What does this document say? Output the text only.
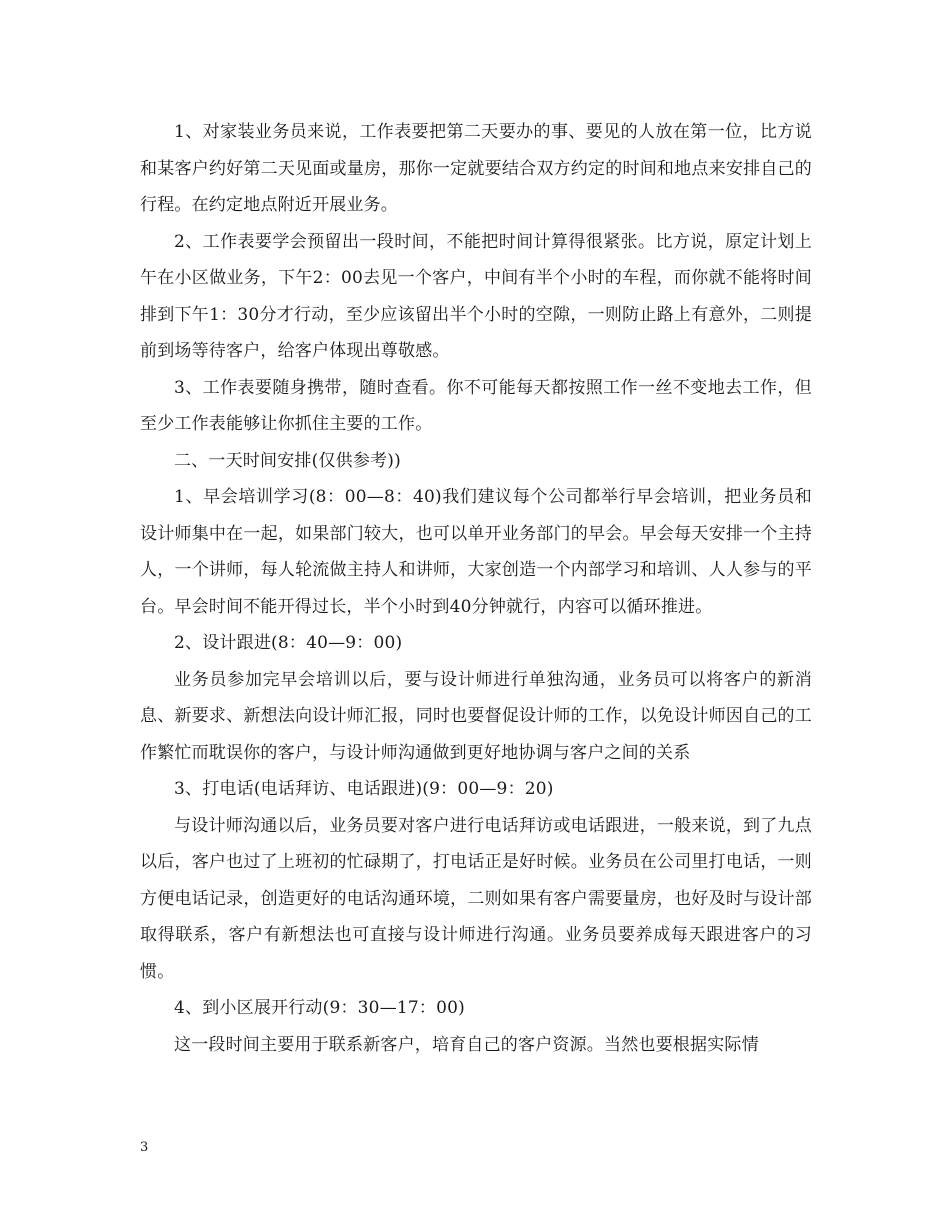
1、对家装业务员来说，工作表要把第二天要办的事、要见的人放在第一位，比方说和某客户约好第二天见面或量房，那你一定就要结合双方约定的时间和地点来安排自己的行程。在约定地点附近开展业务。

2、工作表要学会预留出一段时间，不能把时间计算得很紧张。比方说，原定计划上午在小区做业务，下午2：00去见一个客户，中间有半个小时的车程，而你就不能将时间排到下午1：30分才行动，至少应该留出半个小时的空隙，一则防止路上有意外，二则提前到场等待客户，给客户体现出尊敬感。

3、工作表要随身携带，随时查看。你不可能每天都按照工作一丝不变地去工作，但至少工作表能够让你抓住主要的工作。

二、一天时间安排(仅供参考))

1、早会培训学习(8：00—8：40)我们建议每个公司都举行早会培训，把业务员和设计师集中在一起，如果部门较大，也可以单开业务部门的早会。早会每天安排一个主持人，一个讲师，每人轮流做主持人和讲师，大家创造一个内部学习和培训、人人参与的平台。早会时间不能开得过长，半个小时到40分钟就行，内容可以循环推进。

2、设计跟进(8：40—9：00)

业务员参加完早会培训以后，要与设计师进行单独沟通，业务员可以将客户的新消息、新要求、新想法向设计师汇报，同时也要督促设计师的工作，以免设计师因自己的工作繁忙而耽误你的客户，与设计师沟通做到更好地协调与客户之间的关系

3、打电话(电话拜访、电话跟进)(9：00—9：20)

与设计师沟通以后，业务员要对客户进行电话拜访或电话跟进，一般来说，到了九点以后，客户也过了上班初的忙碌期了，打电话正是好时候。业务员在公司里打电话，一则方便电话记录，创造更好的电话沟通环境，二则如果有客户需要量房，也好及时与设计部取得联系，客户有新想法也可直接与设计师进行沟通。业务员要养成每天跟进客户的习惯。

4、到小区展开行动(9：30—17：00)

这一段时间主要用于联系新客户，培育自己的客户资源。当然也要根据实际情

3
